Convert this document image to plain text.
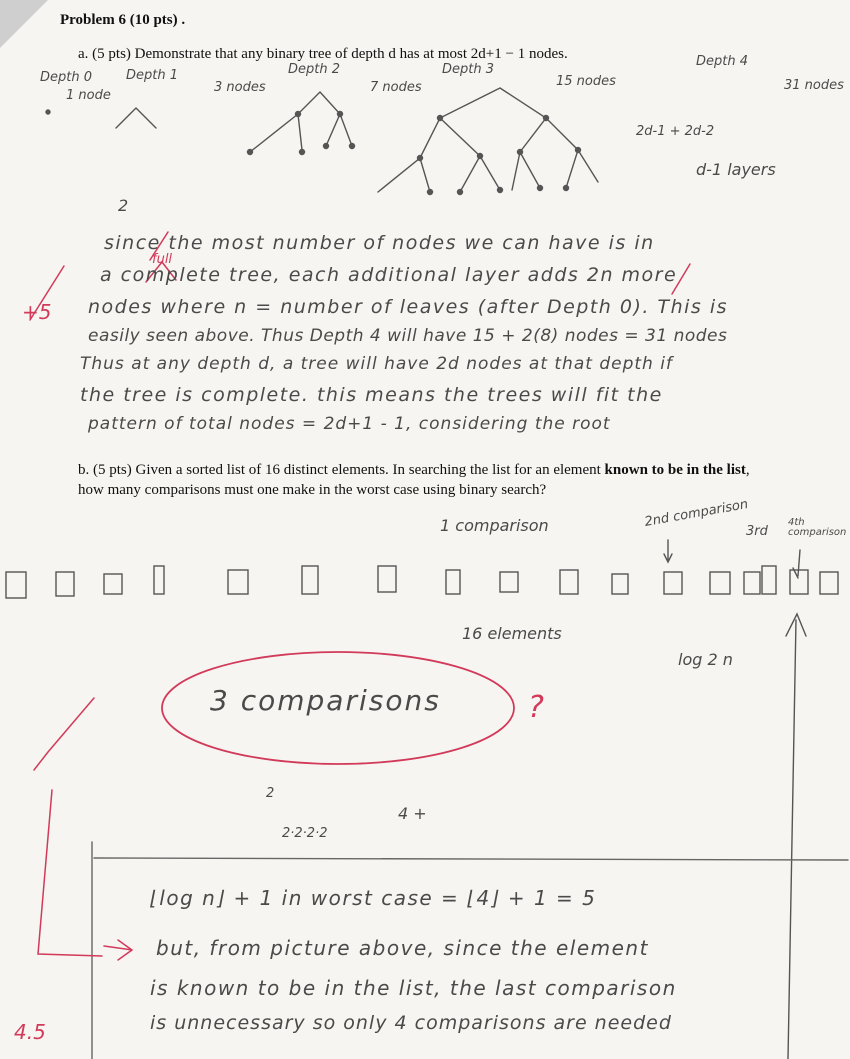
Problem 6 (10 pts) .
a. (5 pts) Demonstrate that any binary tree of depth d has at most 2d+1 − 1 nodes.
Depth 0
1 node
Depth 1
3 nodes
Depth 2
7 nodes
Depth 3
15 nodes
Depth 4
31 nodes
2d-1 + 2d-2
d-1 layers
2
since the most number of nodes we can have is in
a complete tree, each additional layer adds 2n more
nodes where n = number of leaves (after Depth 0). This is
easily seen above. Thus Depth 4 will have 15 + 2(8) nodes = 31 nodes
Thus at any depth d, a tree will have 2d nodes at that depth if
the tree is complete. this means the trees will fit the
pattern of total nodes = 2d+1 - 1, considering the root
full
+5
b. (5 pts) Given a sorted list of 16 distinct elements. In searching the list for an element known to be in the list, how many comparisons must one make in the worst case using binary search?
1 comparison	2nd comparison
3rd
4th comparison
16 elements
log 2 n
3 comparisons	?
2
4 +
2·2·2·2
⌊log n⌋ + 1 in worst case = ⌊4⌋ + 1 = 5
but, from picture above, since the element
is known to be in the list, the last comparison
is unnecessary so only 4 comparisons are needed
4.5
